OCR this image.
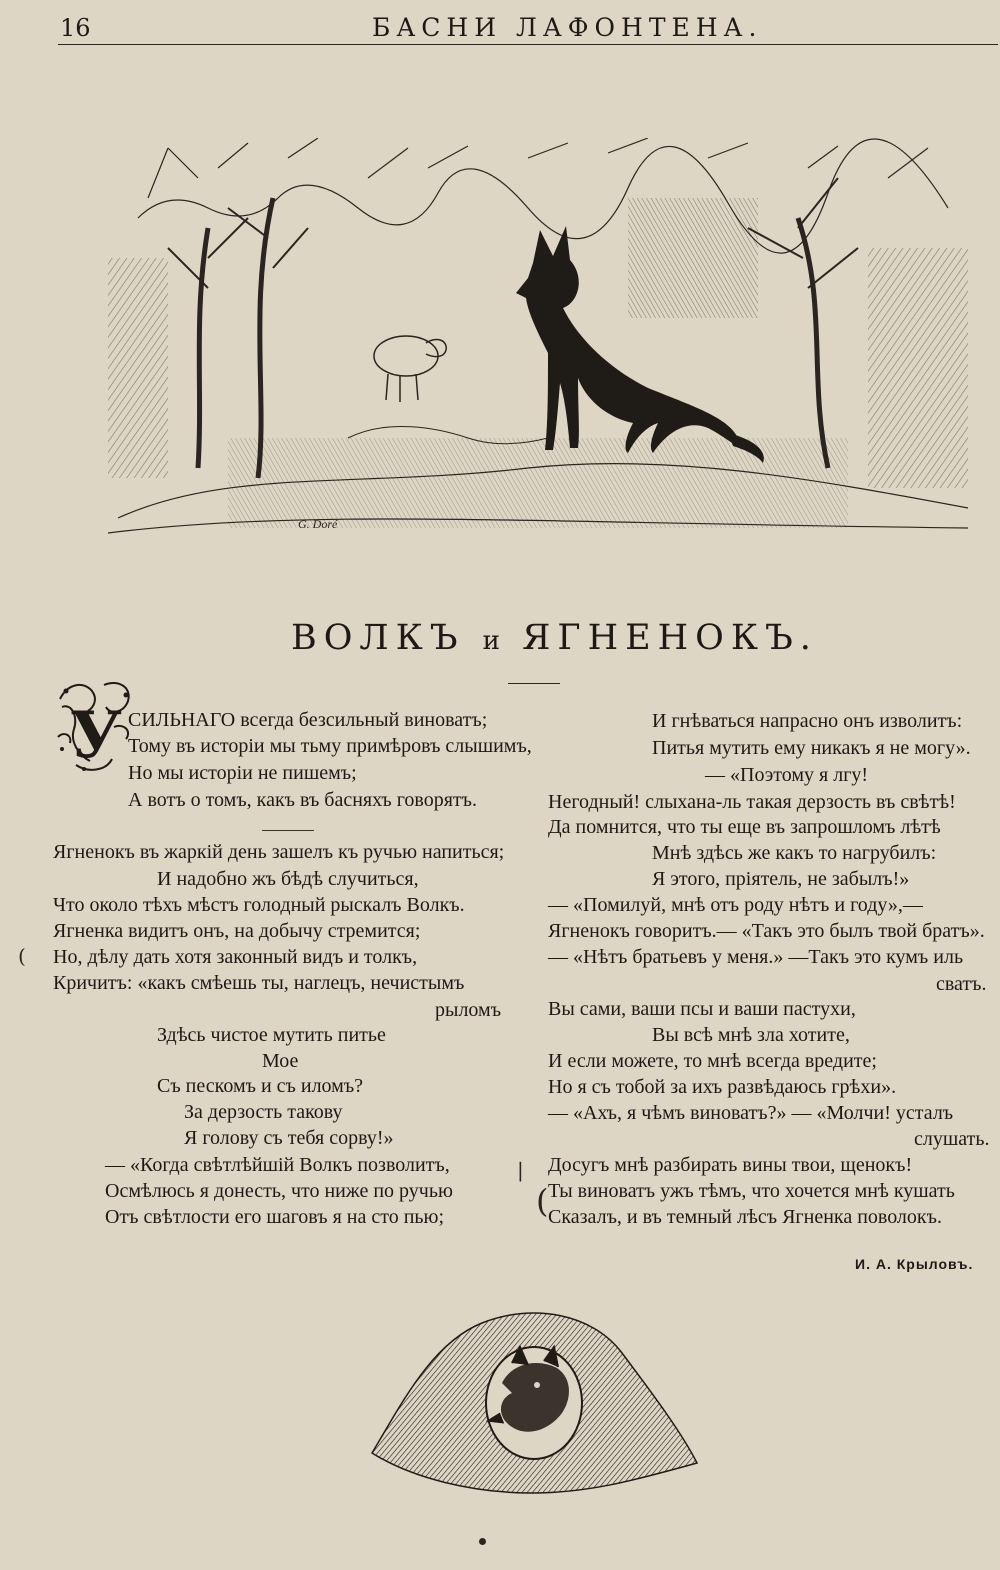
16	БАСНИ ЛАФОНТЕНА.
G. Doré
ВОЛКЪ и ЯГНЕНОКЪ.
У СИЛЬНАГО всегда безсильный виноватъ;
Тому въ исторіи мы тьму примѣровъ слышимъ,
Но мы исторіи не пишемъ;
А вотъ о томъ, какъ въ басняхъ говорятъ.
Ягненокъ въ жаркій день зашелъ къ ручью напиться;
И надобно жъ бѣдѣ случиться,
Что около тѣхъ мѣстъ голодный рыскалъ Волкъ.
Ягненка видитъ онъ, на добычу стремится;
Но, дѣлу дать хотя законный видъ и толкъ,
Кричитъ: «какъ смѣешь ты, наглецъ, нечистымъ
рыломъ
Здѣсь чистое мутить питье
Мое
Съ пескомъ и съ иломъ?
За дерзость такову
Я голову съ тебя сорву!»
— «Когда свѣтлѣйшій Волкъ позволитъ,
Осмѣлюсь я донесть, что ниже по ручью
Отъ свѣтлости его шаговъ я на сто пью;
И гнѣваться напрасно онъ изволитъ:
Питья мутить ему никакъ я не могу».
— «Поэтому я лгу!
Негодный! слыхана-ль такая дерзость въ свѣтѣ!
Да помнится, что ты еще въ запрошломъ лѣтѣ
Мнѣ здѣсь же какъ то нагрубилъ:
Я этого, пріятель, не забылъ!»
— «Помилуй, мнѣ отъ роду нѣтъ и году»,—
Ягненокъ говоритъ.— «Такъ это былъ твой братъ».
— «Нѣтъ братьевъ у меня.» —Такъ это кумъ иль
сватъ.
Вы сами, ваши псы и ваши пастухи,
Вы всѣ мнѣ зла хотите,
И если можете, то мнѣ всегда вредите;
Но я съ тобой за ихъ развѣдаюсь грѣхи».
— «Ахъ, я чѣмъ виноватъ?» — «Молчи! усталъ
слушать.
Досугъ мнѣ разбирать вины твои, щенокъ!
Ты виноватъ ужъ тѣмъ, что хочется мнѣ кушать
Сказалъ, и въ темный лѣсъ Ягненка поволокъ.
(
|
(
И. А. Крыловъ.
